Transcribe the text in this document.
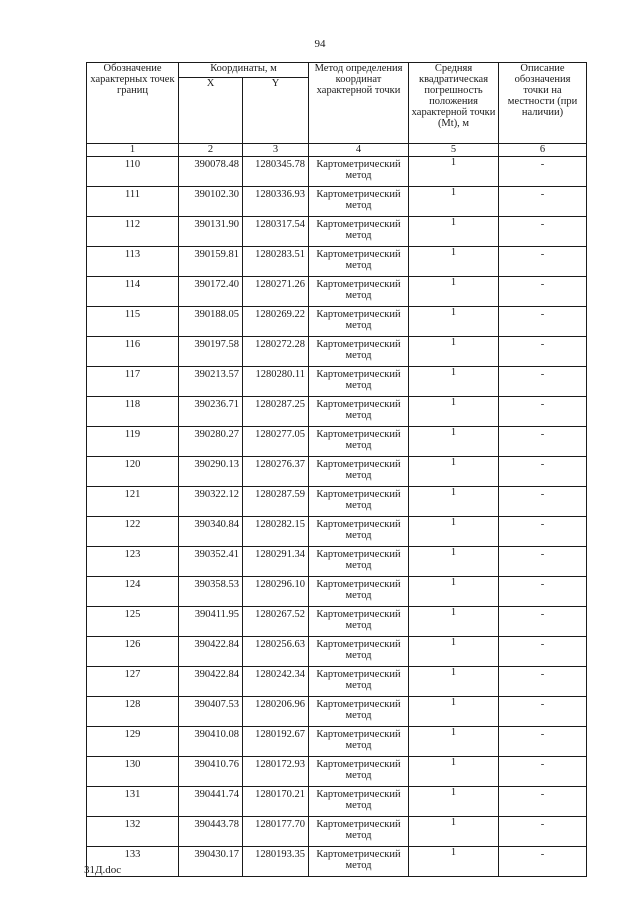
94
Обозначение характерных точек границ	Координаты, м		Метод определения координат характерной точки	Средняя квадратическая погрешность положения характерной точки (Mt), м	Описание обозначения точки на местности (при наличии)
	X	Y			
1	2	3	4	5	6
110	390078.48	1280345.78	Картометрический метод	1	-
111	390102.30	1280336.93	Картометрический метод	1	-
112	390131.90	1280317.54	Картометрический метод	1	-
113	390159.81	1280283.51	Картометрический метод	1	-
114	390172.40	1280271.26	Картометрический метод	1	-
115	390188.05	1280269.22	Картометрический метод	1	-
116	390197.58	1280272.28	Картометрический метод	1	-
117	390213.57	1280280.11	Картометрический метод	1	-
118	390236.71	1280287.25	Картометрический метод	1	-
119	390280.27	1280277.05	Картометрический метод	1	-
120	390290.13	1280276.37	Картометрический метод	1	-
121	390322.12	1280287.59	Картометрический метод	1	-
122	390340.84	1280282.15	Картометрический метод	1	-
123	390352.41	1280291.34	Картометрический метод	1	-
124	390358.53	1280296.10	Картометрический метод	1	-
125	390411.95	1280267.52	Картометрический метод	1	-
126	390422.84	1280256.63	Картометрический метод	1	-
127	390422.84	1280242.34	Картометрический метод	1	-
128	390407.53	1280206.96	Картометрический метод	1	-
129	390410.08	1280192.67	Картометрический метод	1	-
130	390410.76	1280172.93	Картометрический метод	1	-
131	390441.74	1280170.21	Картометрический метод	1	-
132	390443.78	1280177.70	Картометрический метод	1	-
133	390430.17	1280193.35	Картометрический метод	1	-
31Д.doc
